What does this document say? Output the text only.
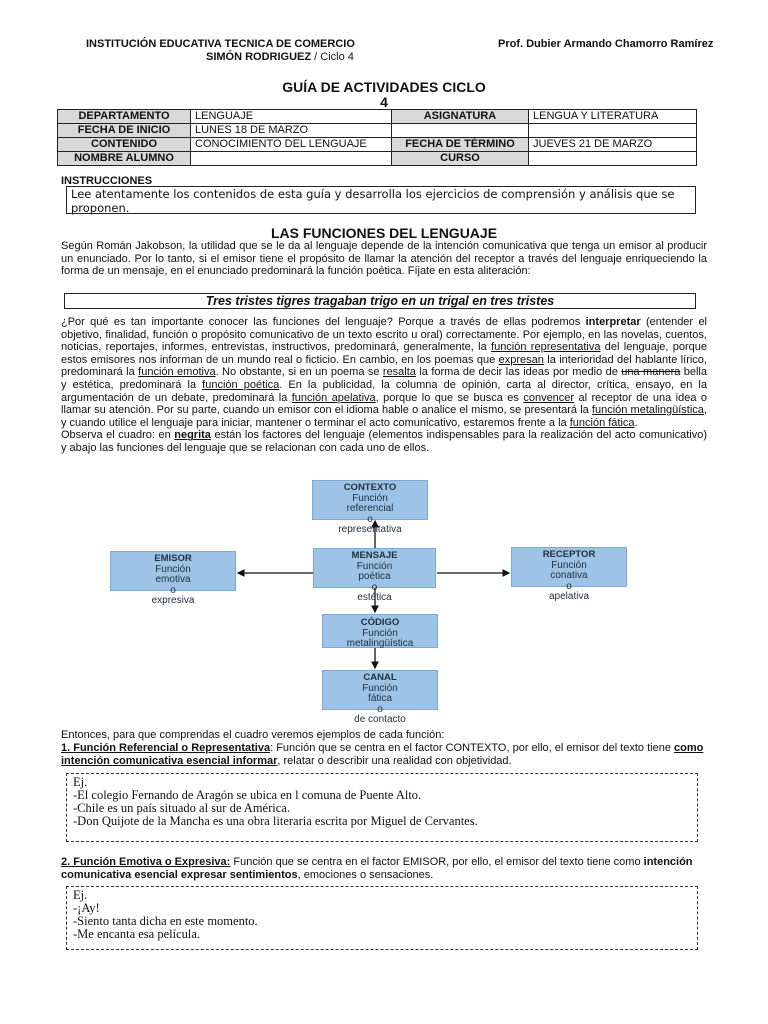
INSTITUCIÓN EDUCATIVA TECNICA DE COMERCIO
SIMÓN RODRIGUEZ / Ciclo 4
Prof. Dubier Armando Chamorro Ramírez
GUÍA DE ACTIVIDADES CICLO
4
DEPARTAMENTO	LENGUAJE	ASIGNATURA	LENGUA Y LITERATURA
FECHA DE INICIO	LUNES 18 DE MARZO		
CONTENIDO	CONOCIMIENTO DEL LENGUAJE	FECHA DE TÉRMINO	JUEVES 21 DE MARZO
NOMBRE ALUMNO		CURSO	
INSTRUCCIONES
Lee atentamente los contenidos de esta guía y desarrolla los ejercicios de comprensión y análisis que se proponen.
LAS FUNCIONES DEL LENGUAJE
Según Román Jakobson, la utilidad que se le da al lenguaje depende de la intención comunicativa que tenga un emisor al producir un enunciado. Por lo tanto, si el emisor tiene el propósito de llamar la atención del receptor a través del lenguaje enriqueciendo la forma de un mensaje, en el enunciado predominará la función poética. Fíjate en esta aliteración:
Tres tristes tigres tragaban trigo en un trigal en tres tristes
¿Por qué es tan importante conocer las funciones del lenguaje? Porque a través de ellas podremos interpretar (entender el objetivo, finalidad, función o propósito comunicativo de un texto escrito u oral) correctamente. Por ejemplo, en las novelas, cuentos, noticias, reportajes, informes, entrevistas, instructivos, predominará, generalmente, la función representativa del lenguaje, porque estos emisores nos informan de un mundo real o ficticio. En cambio, en los poemas que expresan la interioridad del hablante lírico, predominará la función emotiva. No obstante, si en un poema se resalta la forma de decir las ideas por medio de una manera bella y estética, predominará la función poética. En la publicidad, la columna de opinión, carta al director, crítica, ensayo, en la argumentación de un debate, predominará la función apelativa, porque lo que se busca es convencer al receptor de una idea o llamar su atención. Por su parte, cuando un emisor con el idioma hable o analice el mismo, se presentará la función metalingüística, y cuando utilice el lenguaje para iniciar, mantener o terminar el acto comunicativo, estaremos frente a la función fática.
Observa el cuadro: en negrita están los factores del lenguaje (elementos indispensables para la realización del acto comunicativo) y abajo las funciones del lenguaje que se relacionan con cada uno de ellos.
CONTEXTO
Función
referencial
o
representativa
EMISOR
Función
emotiva
o
expresiva
MENSAJE
Función
poética
o
estética
RECEPTOR
Función
conativa
o
apelativa
CÓDIGO
Función
metalingüística
CANAL
Función
fática
o
de contacto
Entonces, para que comprendas el cuadro veremos ejemplos de cada función:
1. Función Referencial o Representativa: Función que se centra en el factor CONTEXTO, por ello, el emisor del texto tiene como intención comunicativa esencial informar, relatar o describir una realidad con objetividad.
Ej.
-El colegio Fernando de Aragón se ubica en l comuna de Puente Alto.
-Chile es un país situado al sur de América.
-Don Quijote de la Mancha es una obra literaria escrita por Miguel de Cervantes.
2. Función Emotiva o Expresiva: Función que se centra en el factor EMISOR, por ello, el emisor del texto tiene como intención comunicativa esencial expresar sentimientos, emociones o sensaciones.
Ej.
-¡Ay!
-Siento tanta dicha en este momento.
-Me encanta esa película.
